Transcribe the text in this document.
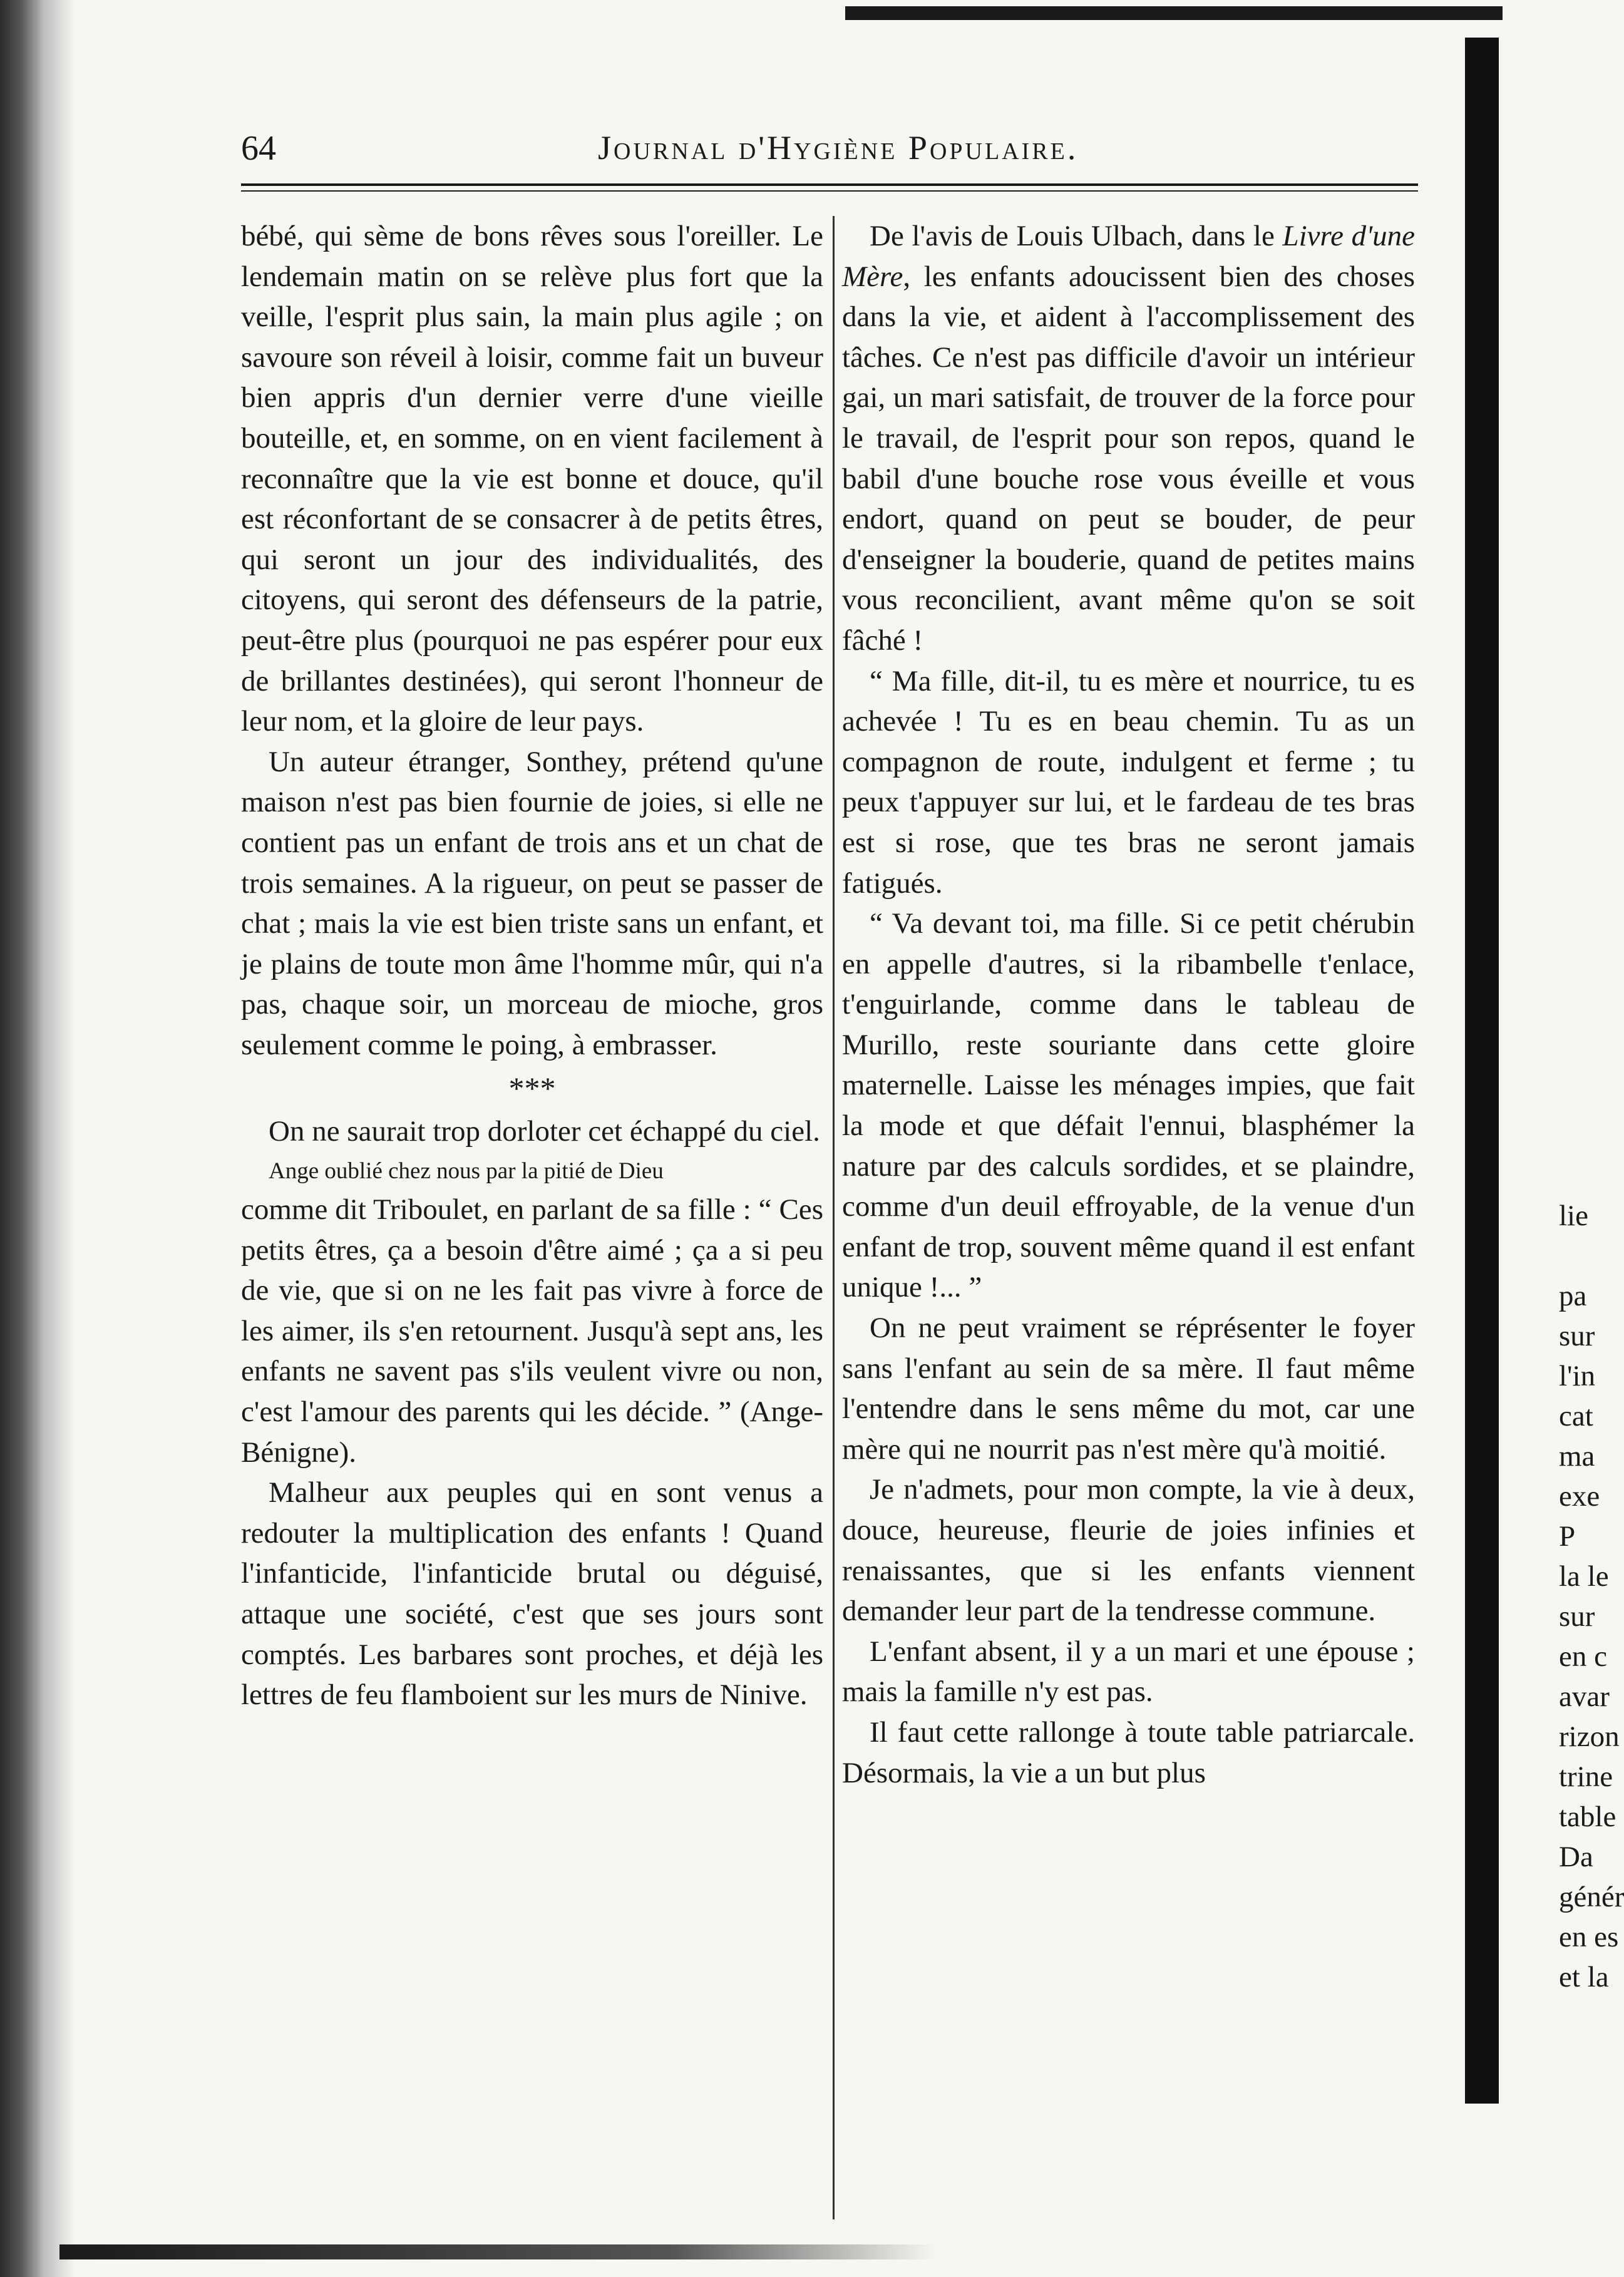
64	Journal d'Hygiène Populaire.

bébé, qui sème de bons rêves sous l'oreiller. Le lendemain matin on se relève plus fort que la veille, l'esprit plus sain, la main plus agile ; on savoure son réveil à loisir, comme fait un buveur bien appris d'un dernier verre d'une vieille bouteille, et, en somme, on en vient facilement à reconnaître que la vie est bonne et douce, qu'il est réconfortant de se consacrer à de petits êtres, qui seront un jour des individualités, des citoyens, qui seront des défenseurs de la patrie, peut-être plus (pourquoi ne pas espérer pour eux de brillantes destinées), qui seront l'honneur de leur nom, et la gloire de leur pays.

Un auteur étranger, Sonthey, prétend qu'une maison n'est pas bien fournie de joies, si elle ne contient pas un enfant de trois ans et un chat de trois semaines. A la rigueur, on peut se passer de chat ; mais la vie est bien triste sans un enfant, et je plains de toute mon âme l'homme mûr, qui n'a pas, chaque soir, un morceau de mioche, gros seulement comme le poing, à embrasser.

***

On ne saurait trop dorloter cet échappé du ciel.

Ange oublié chez nous par la pitié de Dieu

comme dit Triboulet, en parlant de sa fille : “ Ces petits êtres, ça a besoin d'être aimé ; ça a si peu de vie, que si on ne les fait pas vivre à force de les aimer, ils s'en retournent. Jusqu'à sept ans, les enfants ne savent pas s'ils veulent vivre ou non, c'est l'amour des parents qui les décide. ” (Ange-Bénigne).

Malheur aux peuples qui en sont venus a redouter la multiplication des enfants ! Quand l'infanticide, l'infanticide brutal ou déguisé, attaque une société, c'est que ses jours sont comptés. Les barbares sont proches, et déjà les lettres de feu flamboient sur les murs de Ninive.

De l'avis de Louis Ulbach, dans le Livre d'une Mère, les enfants adoucissent bien des choses dans la vie, et aident à l'accomplissement des tâches. Ce n'est pas difficile d'avoir un intérieur gai, un mari satisfait, de trouver de la force pour le travail, de l'esprit pour son repos, quand le babil d'une bouche rose vous éveille et vous endort, quand on peut se bouder, de peur d'enseigner la bouderie, quand de petites mains vous reconcilient, avant même qu'on se soit fâché !

“ Ma fille, dit-il, tu es mère et nourrice, tu es achevée ! Tu es en beau chemin. Tu as un compagnon de route, indulgent et ferme ; tu peux t'appuyer sur lui, et le fardeau de tes bras est si rose, que tes bras ne seront jamais fatigués.

“ Va devant toi, ma fille. Si ce petit chérubin en appelle d'autres, si la ribambelle t'enlace, t'enguirlande, comme dans le tableau de Murillo, reste souriante dans cette gloire maternelle. Laisse les ménages impies, que fait la mode et que défait l'ennui, blasphémer la nature par des calculs sordides, et se plaindre, comme d'un deuil effroyable, de la venue d'un enfant de trop, souvent même quand il est enfant unique !... ”

On ne peut vraiment se réprésenter le foyer sans l'enfant au sein de sa mère. Il faut même l'entendre dans le sens même du mot, car une mère qui ne nourrit pas n'est mère qu'à moitié.

Je n'admets, pour mon compte, la vie à deux, douce, heureuse, fleurie de joies infinies et renaissantes, que si les enfants viennent demander leur part de la tendresse commune.

L'enfant absent, il y a un mari et une épouse ; mais la famille n'y est pas.

Il faut cette rallonge à toute table patriarcale. Désormais, la vie a un but plus

lie

pa
sur
l'in
cat
ma
exe
P
la le
sur
en c
avar
rizon
trine
table
Da
génér
en es
et la
